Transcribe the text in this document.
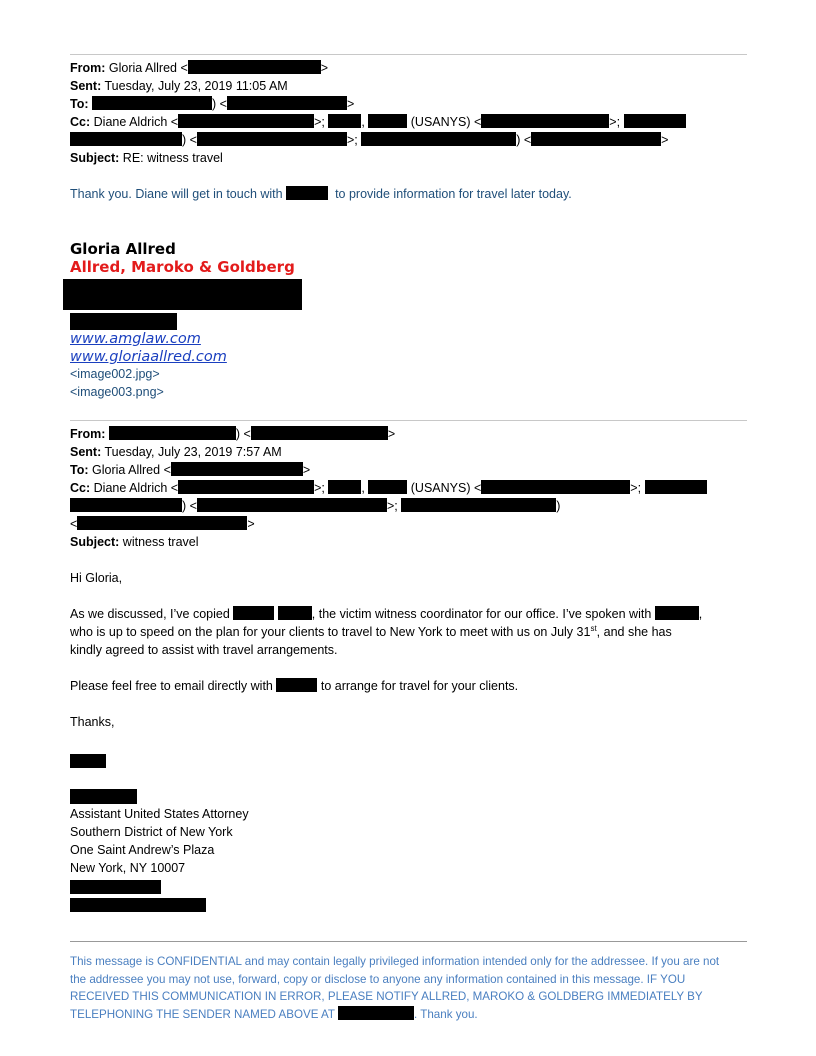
From: Gloria Allred <	>
Sent: Tuesday, July 23, 2019 11:05 AM
To:	) <	>
Cc: Diane Aldrich <	>;	,	(USANYS) <	>;
) <	>;	) <	>
Subject: RE: witness travel
Thank you. Diane will get in touch with	to provide information for travel later today.
Gloria Allred
Allred, Maroko & Goldberg
www.amglaw.com
www.gloriaallred.com
<image002.jpg>
<image003.png>
From:	) <	>
Sent: Tuesday, July 23, 2019 7:57 AM
To: Gloria Allred <	>
Cc: Diane Aldrich <	>;	,	(USANYS) <	>;
) <	>;	)
<	>
Subject: witness travel
Hi Gloria,
As we discussed, I’ve copied	, the victim witness coordinator for our office. I’ve spoken with	,
who is up to speed on the plan for your clients to travel to New York to meet with us on July 31st, and she has
kindly agreed to assist with travel arrangements.
Please feel free to email directly with	to arrange for travel for your clients.
Thanks,
Assistant United States Attorney
Southern District of New York
One Saint Andrew’s Plaza
New York, NY 10007
This message is CONFIDENTIAL and may contain legally privileged information intended only for the addressee. If you are not
the addressee you may not use, forward, copy or disclose to anyone any information contained in this message. IF YOU
RECEIVED THIS COMMUNICATION IN ERROR, PLEASE NOTIFY ALLRED, MAROKO & GOLDBERG IMMEDIATELY BY
TELEPHONING THE SENDER NAMED ABOVE AT	. Thank you.
